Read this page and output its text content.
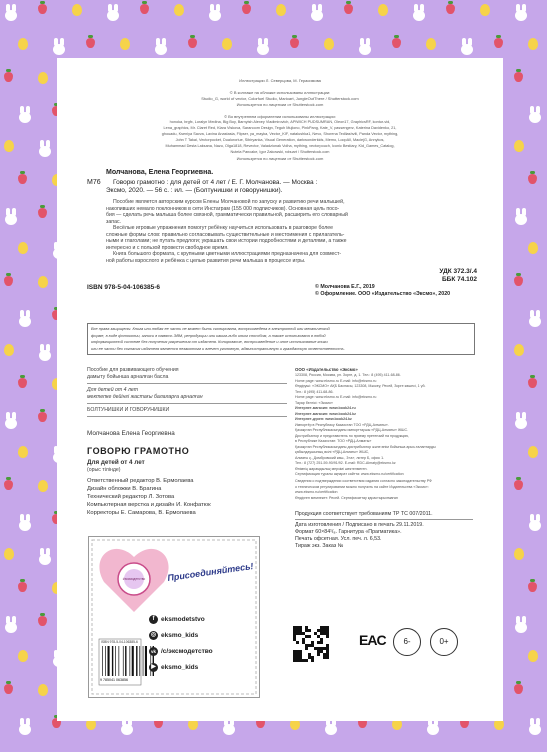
Иллюстрации Л. Северцова, М. Герасимова
© В коллаже на обложке использованы иллюстрации:
Studio_G, world of vector, Colorfuel Studio, Marioart, JungleOutThere / Shutterstock.com
Используется по лицензии от Shutterstock.com
© Во внутреннем оформлении использованы иллюстрации:
honoka, brgfx, Loralyn Medina, Big Boy, Barnyish Alexey Vladimirovich, APIWICH PUDSUMRAN, Oleon17, GraphicsRF, kontur-vid,
Lena_graphics, Mr. Claret Red, Klara Viskova, Saranoom Design, Teguh Mujiono, PinkPang, Kate_V, passengerz, Katerina Davidenko, 21,
ghouadu, Kseniya Savva, Lavina Anastasia, Flipser, ya_mayka, Vector_KIF, natalushka1, Nevo, Shorena Tedliashvili, Panda Vector, mything,
John T Takai, Vectorpocket, Dualororiue, Sibiryanka, Visual Generation, darkwonderkids, Memo, LoopAll, MaciejG, Annykos,
Muhammad Desta Laksana, Nazu, Olga1818, Revector, Valadzionak Volha, mything, vectorpouch, Iconic Bestiary, Kid_Games_Catalog,
Nutela Pancake, Igor Zakowski, robuart / Shutterstock.com
Используется по лицензии от Shutterstock.com
Молчанова, Елена Георгиевна.
М76 Говорю грамотно : для детей от 4 лет / Е. Г. Молчанова. — Москва :
Эксмо, 2020. — 56 с. : ил. — (Болтунишки и говорунишки).
Пособие является авторским курсом Елены Молчановой по запуску и развитию речи малышей,
накопивших немало поклонников в сети Инстаграм (155 000 подписчиков). Основная цель посо-
бия — сделать речь малыша более связной, грамматически правильной, расширить его словарный
запас.
Весёлые игровые упражнения помогут ребёнку научиться использовать в разговоре более
сложные формы слов: правильно согласовывать существительные и местоимения с прилагатель-
ными и глаголами; не путать предлоги; украшать свои истории подробностями и деталями, а также
интересно и с пользой провести свободное время.
Книга большого формата, с крупными цветными иллюстрациями предназначена для совмест-
ной работы взрослого и ребёнка с целью развития речи малыша в процессе игры.
УДК 372.3/.4
ББК 74.102
ISBN 978-5-04-106385-6	© Молчанова Е.Г., 2019
© Оформление. ООО «Издательство «Эксмо», 2020
Все права защищены. Книга или любая ее часть не может быть скопирована, воспроизведена в электронной или механической
форме, в виде фотокопии, записи в память ЭВМ, репродукции или каким-либо иным способом, а также использована в любой
информационной системе без получения разрешения от издателя. Копирование, воспроизведение и иное использование книги
или ее части без согласия издателя является незаконным и влечет уголовную, административную и гражданскую ответственность.
Пособие для развивающего обучения
дамыту бойынша арналған басла
Для детей от 4 лет
мектепке дейінгі жастағы балаларға арналған
БОЛТУНИШКИ И ГОВОРУНИШКИ
Молчанова Елена Георгиевна
ГОВОРЮ ГРАМОТНО
Для детей от 4 лет
(орыс тілінде)
Ответственный редактор В. Ермолаева
Дизайн обложки В. Брагина
Технический редактор Л. Зотова
Компьютерная верстка и дизайн И. Конфатюк
Корректоры Е. Самарова, В. Ермолаева
ООО «Издательство «Эксмо»
123308, Россия, Москва, ул. Зорге, д. 1. Тел.: 8 (495) 411-68-86.
Home page: www.eksmo.ru E-mail: info@eksmo.ru
Өндіруші: «ЭКСМО» АҚБ Баспасы, 123308, Мәскеу, Ресей, Зорге көшесі, 1 үй.
Тел.: 8 (495) 411-68-86.
Home page: www.eksmo.ru E-mail: info@eksmo.ru
Тауар белгісі: «Эксмо»
Интернет-магазин: www.book24.ru
Интернет-магазин: www.book24.kz
Интернет-дүкен: www.book24.kz
Импортёр в Республику Казахстан ТОО «РДЦ-Алматы».
Қазақстан Республикасындағы импорттаушы «РДЦ-Алматы» ЖШС.
Дистрибьютор и представитель по приему претензий на продукцию,
в Республике Казахстан: ТОО «РДЦ-Алматы»
Қазақстан Республикасындағы дистрибьютор және өнім бойынша арыз-талаптарды
қабылдаушының өкілі «РДЦ-Алматы» ЖШС,
Алматы қ., Домбровский көш., 3«а», литер Б, офис 1.
Тел.: 8 (727) 251-59-90/91/92. E-mail: RDC-Almaty@eksmo.kz
Өнімнің жарамдылық мерзімі шектелмеген.
Сертификация туралы ақпарат сайтта: www.eksmo.ru/certification
Сведения о подтверждении соответствия издания согласно законодательству РФ
о техническом регулировании можно получить на сайте Издательства «Эксмо»:
www.eksmo.ru/certification
Өндірген мемлекет: Ресей. Сертификаттау қарастырылмаған
Продукция соответствует требованиям ТР ТС 007/2011.
Дата изготовления / Подписано в печать 29.11.2019.
Формат 60×84¹/₈. Гарнитура «Прагматика».
Печать офсетная. Усл. печ. л. 6,53.
Тираж экз. Заказ №
#эксмодетство	Присоединяйтесь!
ISBN 978-5-04-106385-6
9 785041 063856
f eksmodetstvo
◎ eksmo_kids
vk /c/эксмодетство
▶ eksmo_kids
EAC	6-	0+
